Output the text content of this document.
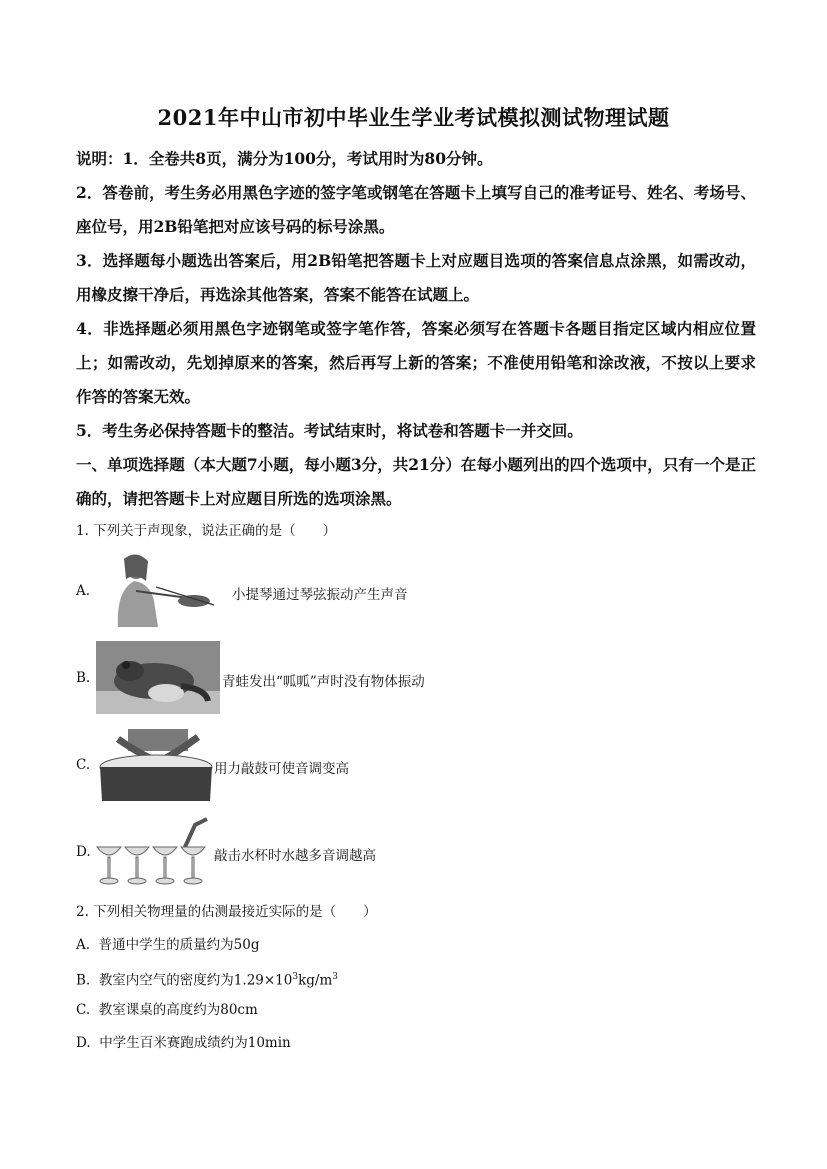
2021年中山市初中毕业生学业考试模拟测试物理试题
说明：1．全卷共8页，满分为100分，考试用时为80分钟。
2．答卷前，考生务必用黑色字迹的签字笔或钢笔在答题卡上填写自己的准考证号、姓名、考场号、座位号，用2B铅笔把对应该号码的标号涂黑。
3．选择题每小题选出答案后，用2B铅笔把答题卡上对应题目选项的答案信息点涂黑，如需改动，用橡皮擦干净后，再选涂其他答案，答案不能答在试题上。
4．非选择题必须用黑色字迹钢笔或签字笔作答，答案必须写在答题卡各题目指定区域内相应位置上；如需改动，先划掉原来的答案，然后再写上新的答案；不准使用铅笔和涂改液，不按以上要求作答的答案无效。
5．考生务必保持答题卡的整洁。考试结束时，将试卷和答题卡一并交回。
一、单项选择题（本大题7小题，每小题3分，共21分）在每小题列出的四个选项中，只有一个是正确的，请把答题卡上对应题目所选的选项涂黑。
1. 下列关于声现象，说法正确的是（　　）
A.	小提琴通过琴弦振动产生声音
B.	青蛙发出“呱呱”声时没有物体振动
C.	用力敲鼓可使音调变高
D.	敲击水杯时水越多音调越高
2. 下列相关物理量的估测最接近实际的是（　　）
A. 普通中学生的质量约为50g
B. 教室内空气的密度约为$1.29\times 10^3kg/m^3$
C. 教室课桌的高度约为80cm
D. 中学生百米赛跑成绩约为10min
